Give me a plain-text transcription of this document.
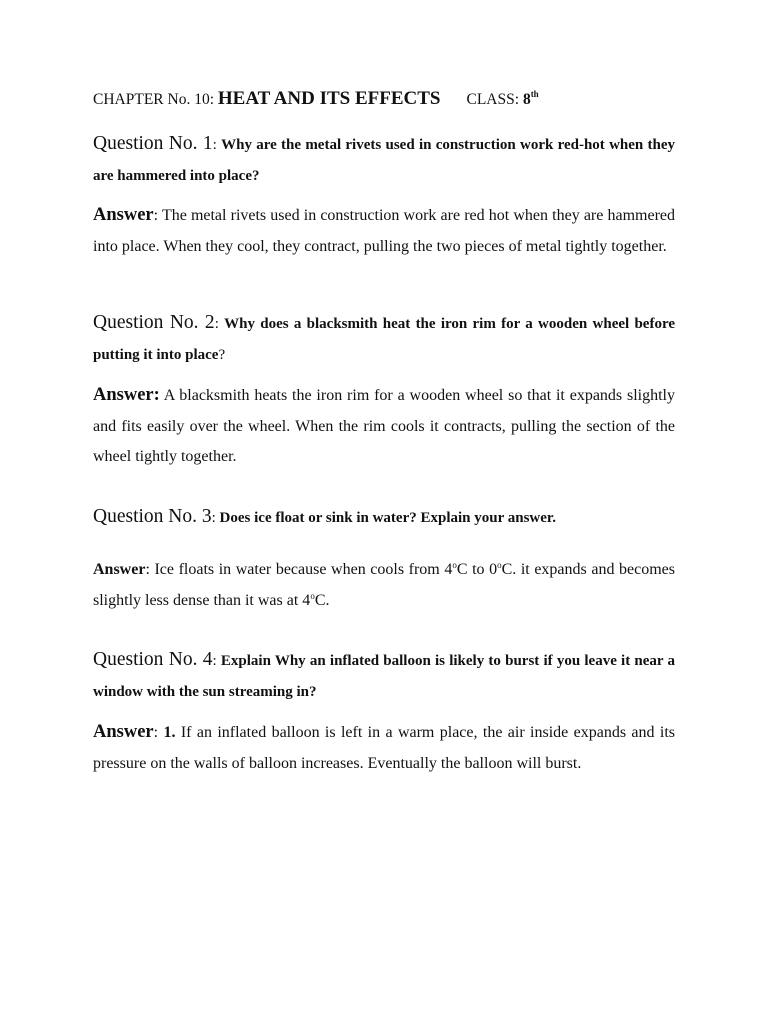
CHAPTER No. 10: HEAT AND ITS EFFECTS CLASS: 8th
Question No. 1: Why are the metal rivets used in construction work red-hot when they are hammered into place?
Answer: The metal rivets used in construction work are red hot when they are hammered into place. When they cool, they contract, pulling the two pieces of metal tightly together.
Question No. 2: Why does a blacksmith heat the iron rim for a wooden wheel before putting it into place?
Answer: A blacksmith heats the iron rim for a wooden wheel so that it expands slightly and fits easily over the wheel. When the rim cools it contracts, pulling the section of the wheel tightly together.
Question No. 3: Does ice float or sink in water? Explain your answer.
Answer: Ice floats in water because when cools from 4$^o$C to 0$^o$C. it expands and becomes slightly less dense than it was at 4$^o$C.
Question No. 4: Explain Why an inflated balloon is likely to burst if you leave it near a window with the sun streaming in?
Answer: 1. If an inflated balloon is left in a warm place, the air inside expands and its pressure on the walls of balloon increases. Eventually the balloon will burst.
